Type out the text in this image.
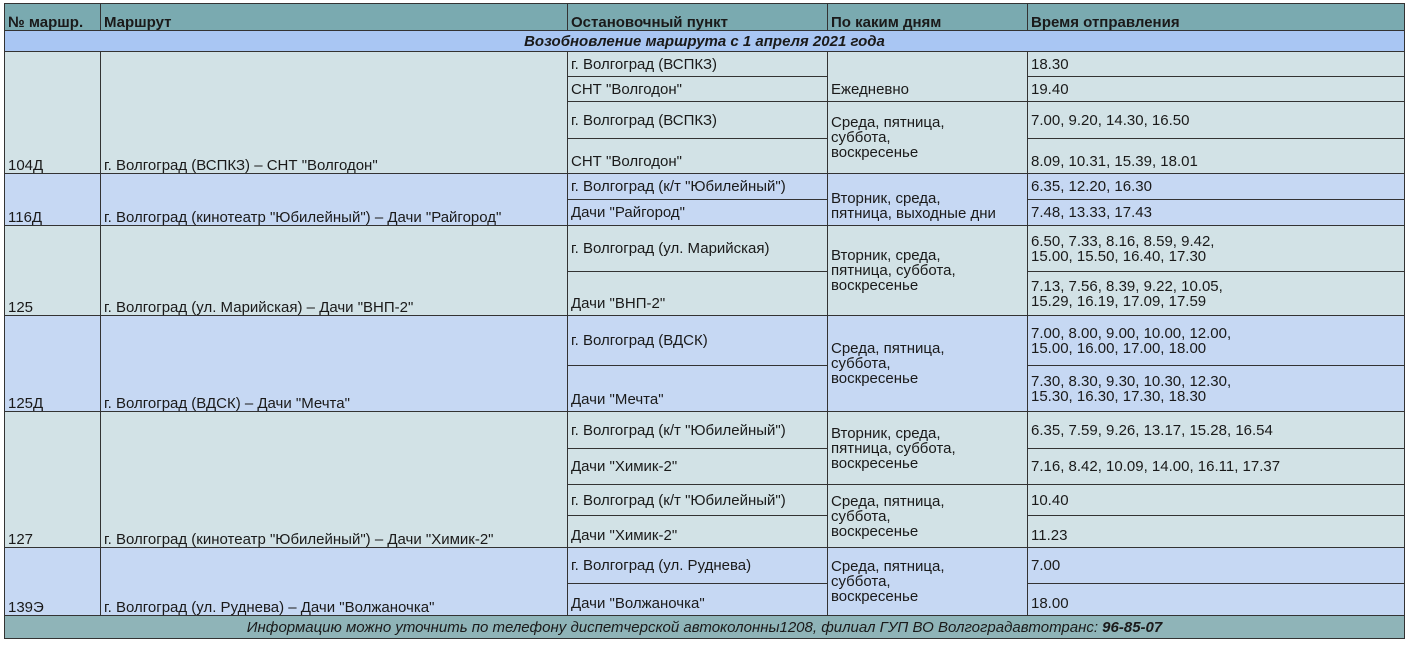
№ маршр.	Маршрут	Остановочный пункт	По каким дням	Время отправления
Возобновление маршрута с 1 апреля 2021 года				
104Д	г. Волгоград (ВСПКЗ) – СНТ "Волгодон"	г. Волгоград (ВСПКЗ)	Ежедневно	18.30
		СНТ "Волгодон"		19.40
		г. Волгоград (ВСПКЗ)	Среда, пятница,
суббота,
воскресенье	7.00, 9.20, 14.30, 16.50
		СНТ "Волгодон"		8.09, 10.31, 15.39, 18.01
116Д	г. Волгоград (кинотеатр "Юбилейный") – Дачи "Райгород"	г. Волгоград (к/т "Юбилейный")	Вторник, среда,
пятница, выходные дни	6.35, 12.20, 16.30
		Дачи "Райгород"		7.48, 13.33, 17.43
125	г. Волгоград (ул. Марийская) – Дачи "ВНП-2"	г. Волгоград (ул. Марийская)	Вторник, среда,
пятница, суббота,
воскресенье	6.50, 7.33, 8.16, 8.59, 9.42,
15.00, 15.50, 16.40, 17.30
		Дачи "ВНП-2"		7.13, 7.56, 8.39, 9.22, 10.05,
15.29, 16.19, 17.09, 17.59
125Д	г. Волгоград (ВДСК) – Дачи "Мечта"	г. Волгоград (ВДСК)	Среда, пятница,
суббота,
воскресенье	7.00, 8.00, 9.00, 10.00, 12.00,
15.00, 16.00, 17.00, 18.00
		Дачи "Мечта"		7.30, 8.30, 9.30, 10.30, 12.30,
15.30, 16.30, 17.30, 18.30
127	г. Волгоград (кинотеатр "Юбилейный") – Дачи "Химик-2"	г. Волгоград (к/т "Юбилейный")	Вторник, среда,
пятница, суббота,
воскресенье	6.35, 7.59, 9.26, 13.17, 15.28, 16.54
		Дачи "Химик-2"		7.16, 8.42, 10.09, 14.00, 16.11, 17.37
		г. Волгоград (к/т "Юбилейный")	Среда, пятница,
суббота,
воскресенье	10.40
		Дачи "Химик-2"		11.23
139Э	г. Волгоград (ул. Руднева) – Дачи "Волжаночка"	г. Волгоград (ул. Руднева)	Среда, пятница,
суббота,
воскресенье	7.00
		Дачи "Волжаночка"		18.00
Информацию можно уточнить по телефону диспетчерской автоколонны1208, филиал ГУП ВО Волгоградавтотранс: 96-85-07				
